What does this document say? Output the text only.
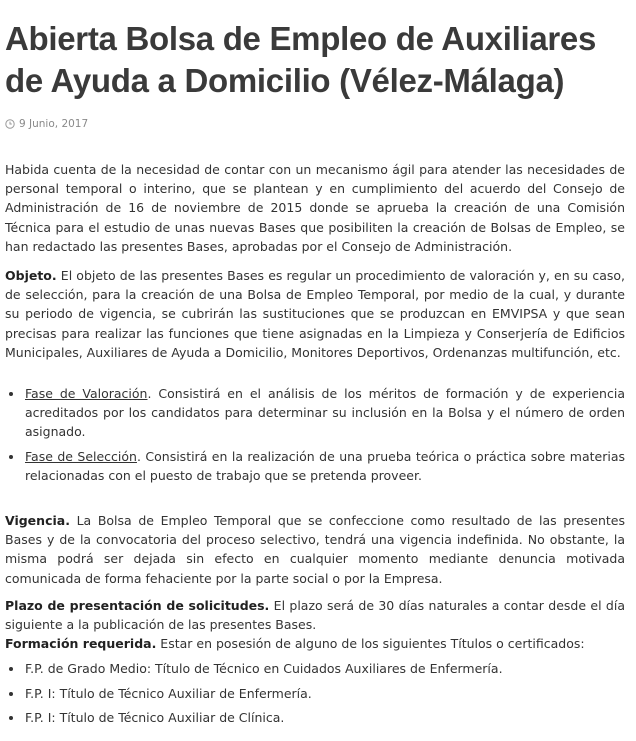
Abierta Bolsa de Empleo de Auxiliares de Ayuda a Domicilio (Vélez-Málaga)
9 Junio, 2017

Habida cuenta de la necesidad de contar con un mecanismo ágil para atender las necesidades de personal temporal o interino, que se plantean y en cumplimiento del acuerdo del Consejo de Administración de 16 de noviembre de 2015 donde se aprueba la creación de una Comisión Técnica para el estudio de unas nuevas Bases que posibiliten la creación de Bolsas de Empleo, se han redactado las presentes Bases, aprobadas por el Consejo de Administración.

Objeto. El objeto de las presentes Bases es regular un procedimiento de valoración y, en su caso, de selección, para la creación de una Bolsa de Empleo Temporal, por medio de la cual, y durante su periodo de vigencia, se cubrirán las sustituciones que se produzcan en EMVIPSA y que sean precisas para realizar las funciones que tiene asignadas en la Limpieza y Conserjería de Edificios Municipales, Auxiliares de Ayuda a Domicilio, Monitores Deportivos, Ordenanzas multifunción, etc.

Fase de Valoración. Consistirá en el análisis de los méritos de formación y de experiencia acreditados por los candidatos para determinar su inclusión en la Bolsa y el número de orden asignado.
Fase de Selección. Consistirá en la realización de una prueba teórica o práctica sobre materias relacionadas con el puesto de trabajo que se pretenda proveer.

Vigencia. La Bolsa de Empleo Temporal que se confeccione como resultado de las presentes Bases y de la convocatoria del proceso selectivo, tendrá una vigencia indefinida. No obstante, la misma podrá ser dejada sin efecto en cualquier momento mediante denuncia motivada comunicada de forma fehaciente por la parte social o por la Empresa.

Plazo de presentación de solicitudes. El plazo será de 30 días naturales a contar desde el día siguiente a la publicación de las presentes Bases.

Formación requerida. Estar en posesión de alguno de los siguientes Títulos o certificados:

F.P. de Grado Medio: Título de Técnico en Cuidados Auxiliares de Enfermería.
F.P. I: Título de Técnico Auxiliar de Enfermería.
F.P. I: Título de Técnico Auxiliar de Clínica.
